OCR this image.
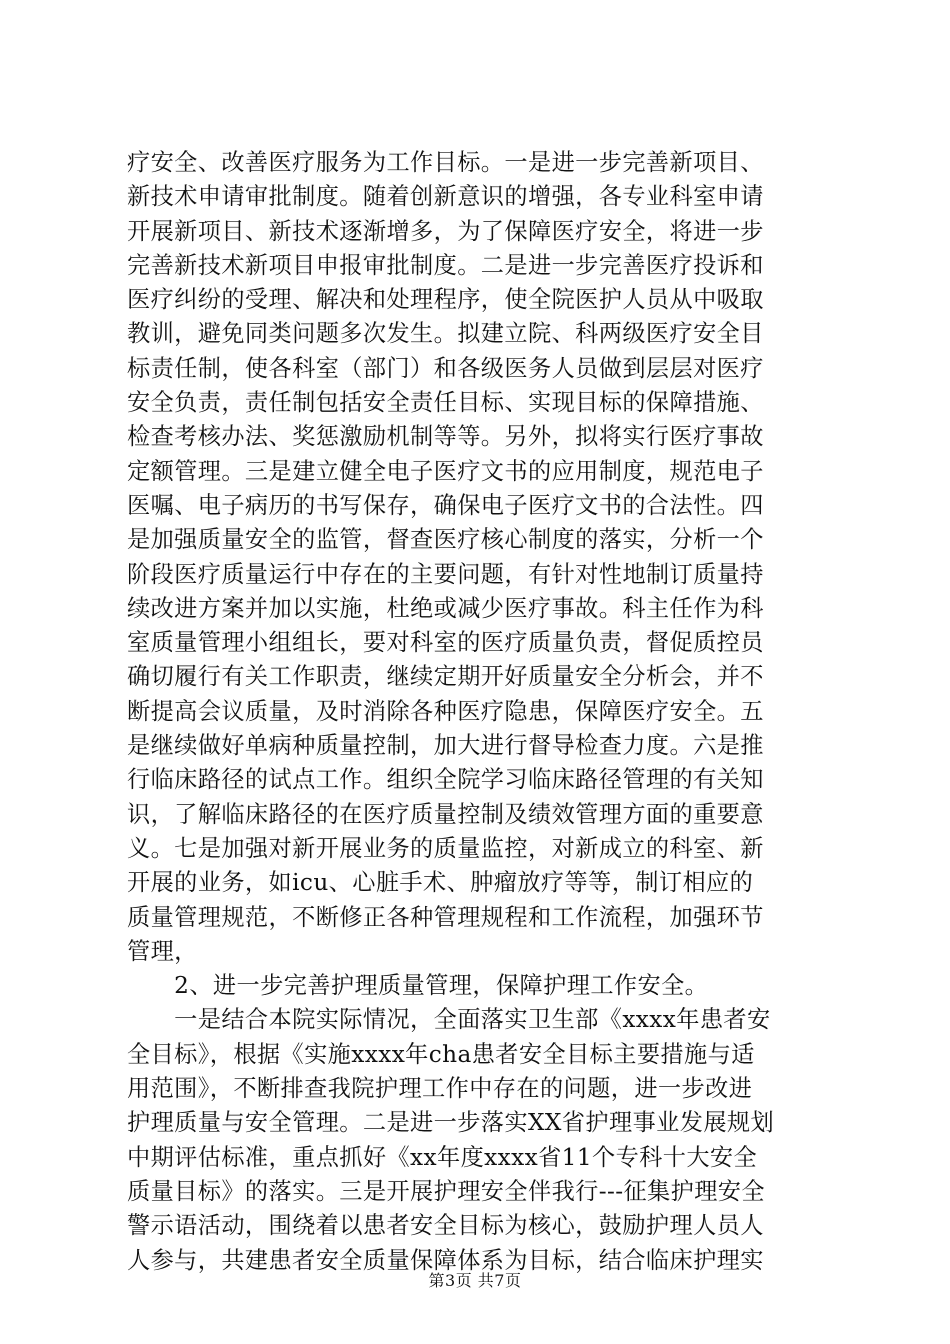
疗安全、改善医疗服务为工作目标。一是进一步完善新项目、
新技术申请审批制度。随着创新意识的增强，各专业科室申请
开展新项目、新技术逐渐增多，为了保障医疗安全，将进一步
完善新技术新项目申报审批制度。二是进一步完善医疗投诉和
医疗纠纷的受理、解决和处理程序，使全院医护人员从中吸取
教训，避免同类问题多次发生。拟建立院、科两级医疗安全目
标责任制，使各科室（部门）和各级医务人员做到层层对医疗
安全负责，责任制包括安全责任目标、实现目标的保障措施、
检查考核办法、奖惩激励机制等等。另外，拟将实行医疗事故
定额管理。三是建立健全电子医疗文书的应用制度，规范电子
医嘱、电子病历的书写保存，确保电子医疗文书的合法性。四
是加强质量安全的监管，督查医疗核心制度的落实，分析一个
阶段医疗质量运行中存在的主要问题，有针对性地制订质量持
续改进方案并加以实施，杜绝或减少医疗事故。科主任作为科
室质量管理小组组长，要对科室的医疗质量负责，督促质控员
确切履行有关工作职责，继续定期开好质量安全分析会，并不
断提高会议质量，及时消除各种医疗隐患，保障医疗安全。五
是继续做好单病种质量控制，加大进行督导检查力度。六是推
行临床路径的试点工作。组织全院学习临床路径管理的有关知
识，了解临床路径的在医疗质量控制及绩效管理方面的重要意
义。七是加强对新开展业务的质量监控，对新成立的科室、新
开展的业务，如icu、心脏手术、肿瘤放疗等等，制订相应的
质量管理规范，不断修正各种管理规程和工作流程，加强环节
管理，
　　2、进一步完善护理质量管理，保障护理工作安全。
　　一是结合本院实际情况，全面落实卫生部《xxxx年患者安
全目标》，根据《实施xxxx年cha患者安全目标主要措施与适
用范围》，不断排查我院护理工作中存在的问题，进一步改进
护理质量与安全管理。二是进一步落实XX省护理事业发展规划
中期评估标准，重点抓好《xx年度xxxx省11个专科十大安全
质量目标》的落实。三是开展护理安全伴我行---征集护理安全
警示语活动，围绕着以患者安全目标为核心，鼓励护理人员人
人参与，共建患者安全质量保障体系为目标，结合临床护理实
第3页 共7页
